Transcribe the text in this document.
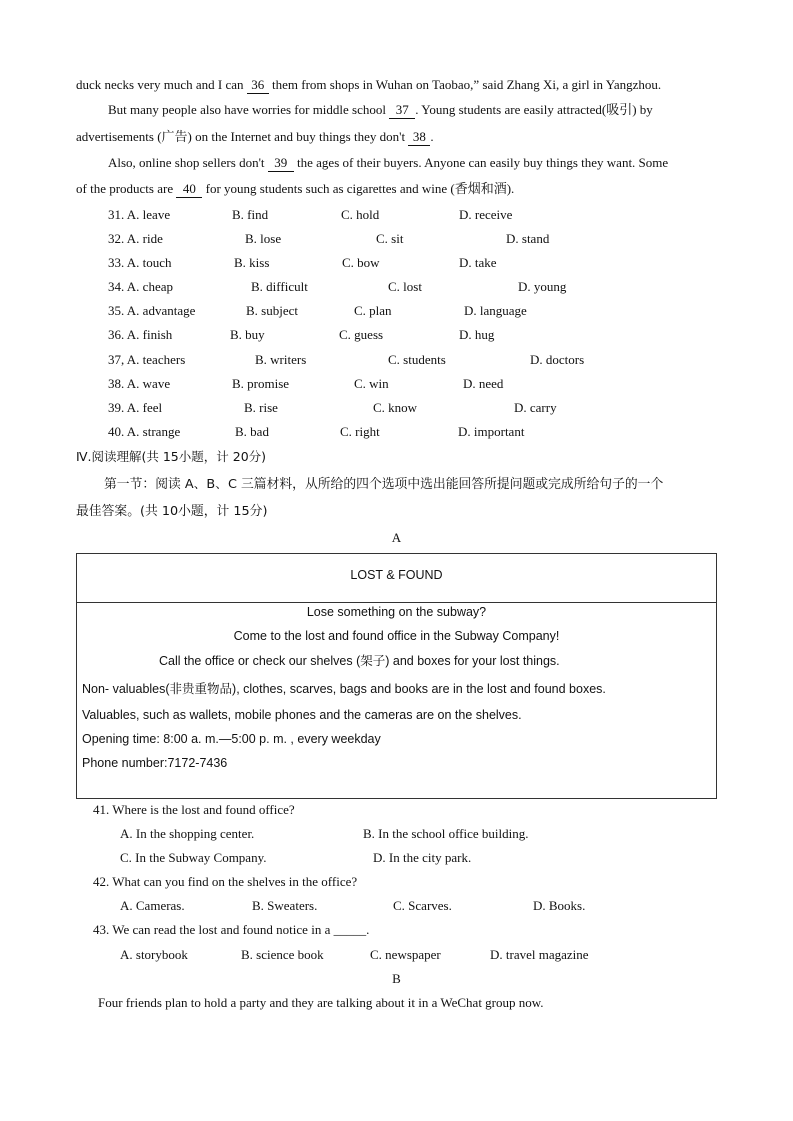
duck necks very much and I can 36 them from shops in Wuhan on Taobao,” said Zhang Xi, a girl in Yangzhou.
But many people also have worries for middle school 37 . Young students are easily attracted(吸引) by
advertisements (广告) on the Internet and buy things they don't 38 .
Also, online shop sellers don't 39 the ages of their buyers. Anyone can easily buy things they want. Some
of the products are 40 for young students such as cigarettes and wine (香烟和酒).
31. A. leave	B. find	C. hold	D. receive
32. A. ride	B. lose	C. sit	D. stand
33. A. touch	B. kiss	C. bow	D. take
34. A. cheap	B. difficult	C. lost	D. young
35. A. advantage	B. subject	C. plan	D. language
36. A. finish	B. buy	C. guess	D. hug
37, A. teachers	B. writers	C. students	D. doctors
38. A. wave	B. promise	C. win	D. need
39. A. feel	B. rise	C. know	D. carry
40. A. strange	B. bad	C. right	D. important
Ⅳ.阅读理解(共 15小题，计 20分)
第一节：阅读 A、B、C 三篇材料，从所给的四个选项中选出能回答所提问题或完成所给句子的一个
最佳答案。(共 10小题，计 15分)
A
LOST & FOUND
Lose something on the subway?
Come to the lost and found office in the Subway Company!
Call the office or check our shelves (架子) and boxes for your lost things.
Non- valuables(非贵重物品), clothes, scarves, bags and books are in the lost and found boxes.
Valuables, such as wallets, mobile phones and the cameras are on the shelves.
Opening time: 8:00 a. m.—5:00 p. m. , every weekday
Phone number:7172-7436
41. Where is the lost and found office?
A. In the shopping center.	B. In the school office building.
C. In the Subway Company.	D. In the city park.
42. What can you find on the shelves in the office?
A. Cameras.	B. Sweaters.	C. Scarves.	D. Books.
43. We can read the lost and found notice in a _____.
A. storybook	B. science book	C. newspaper	D. travel magazine
B
Four friends plan to hold a party and they are talking about it in a WeChat group now.
